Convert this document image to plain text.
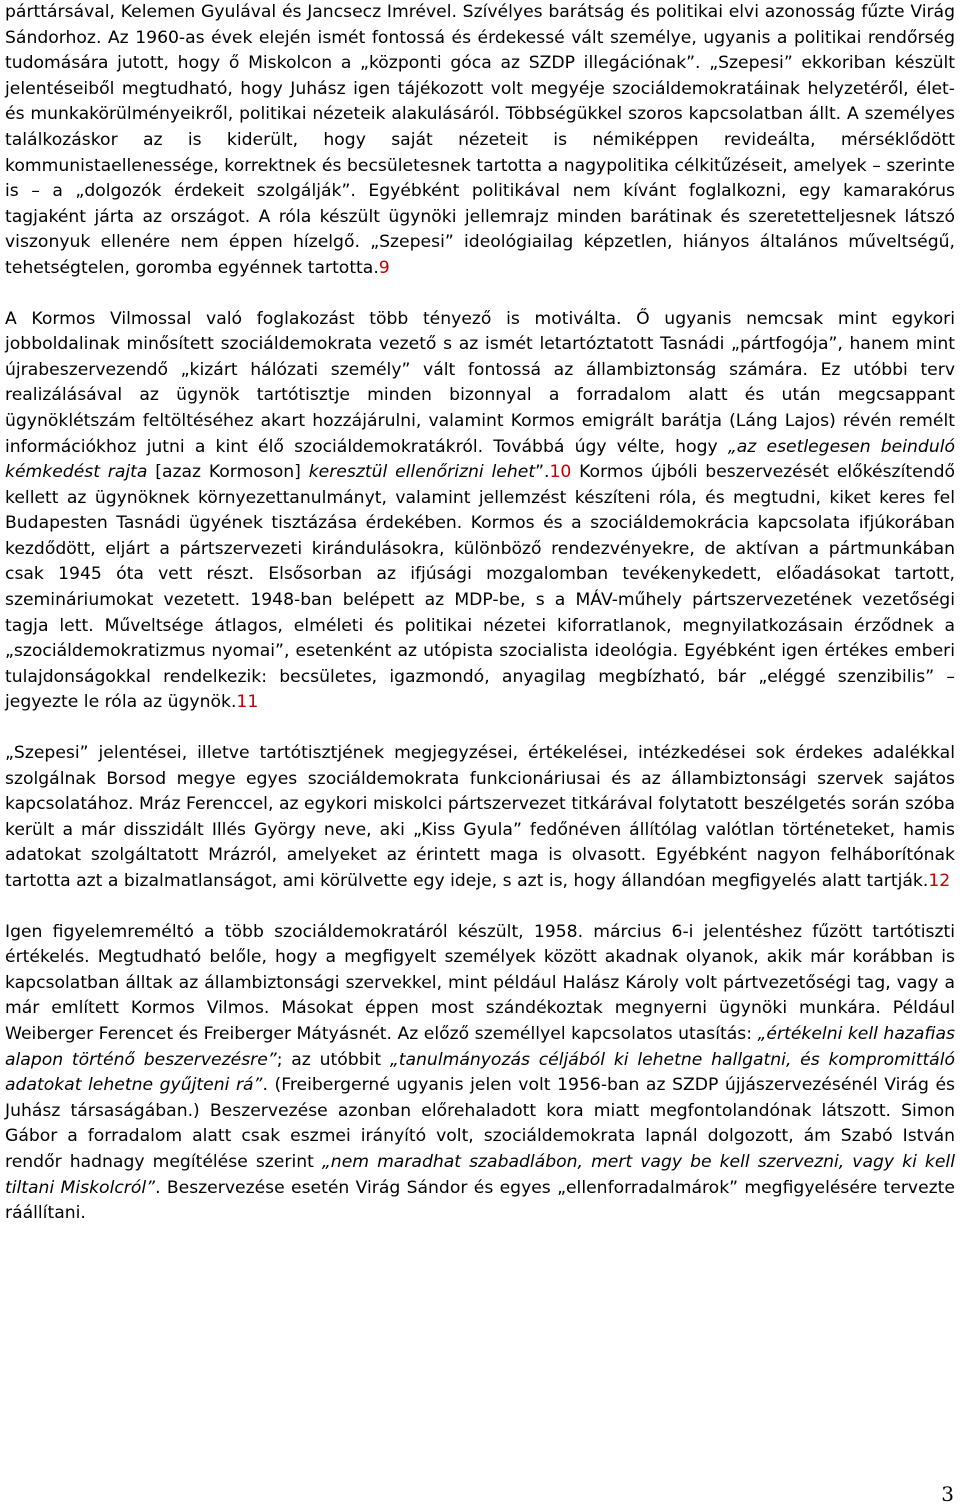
párttársával, Kelemen Gyulával és Jancsecz Imrével. Szívélyes barátság és politikai elvi azonosság fűzte Virág Sándorhoz. Az 1960-as évek elején ismét fontossá és érdekessé vált személye, ugyanis a politikai rendőrség tudomására jutott, hogy ő Miskolcon a „központi góca az SZDP illegációnak”. „Szepesi” ekkoriban készült jelentéseiből megtudható, hogy Juhász igen tájékozott volt megyéje szociáldemokratáinak helyzetéről, élet- és munkakörülményeikről, politikai nézeteik alakulásáról. Többségükkel szoros kapcsolatban állt. A személyes találkozáskor az is kiderült, hogy saját nézeteit is némiképpen revideálta, mérséklődött kommunistaellenessége, korrektnek és becsületesnek tartotta a nagypolitika célkitűzéseit, amelyek – szerinte is – a „dolgozók érdekeit szolgálják”. Egyébként politikával nem kívánt foglalkozni, egy kamarakórus tagjaként járta az országot. A róla készült ügynöki jellemrajz minden barátinak és szeretetteljesnek látszó viszonyuk ellenére nem éppen hízelgő. „Szepesi” ideológiailag képzetlen, hiányos általános műveltségű, tehetségtelen, goromba egyénnek tartotta.9

A Kormos Vilmossal való foglakozást több tényező is motiválta. Ő ugyanis nemcsak mint egykori jobboldalinak minősített szociáldemokrata vezető s az ismét letartóztatott Tasnádi „pártfogója”, hanem mint újrabeszervezendő „kizárt hálózati személy” vált fontossá az állambiztonság számára. Ez utóbbi terv realizálásával az ügynök tartótisztje minden bizonnyal a forradalom alatt és után megcsappant ügynöklétszám feltöltéséhez akart hozzájárulni, valamint Kormos emigrált barátja (Láng Lajos) révén remélt információkhoz jutni a kint élő szociáldemokratákról. Továbbá úgy vélte, hogy „az esetlegesen beinduló kémkedést rajta [azaz Kormoson] keresztül ellenőrizni lehet”.10 Kormos újbóli beszervezését előkészítendő kellett az ügynöknek környezettanulmányt, valamint jellemzést készíteni róla, és megtudni, kiket keres fel Budapesten Tasnádi ügyének tisztázása érdekében. Kormos és a szociáldemokrácia kapcsolata ifjúkorában kezdődött, eljárt a pártszervezeti kirándulásokra, különböző rendezvényekre, de aktívan a pártmunkában csak 1945 óta vett részt. Elsősorban az ifjúsági mozgalomban tevékenykedett, előadásokat tartott, szemináriumokat vezetett. 1948-ban belépett az MDP-be, s a MÁV-műhely pártszervezetének vezetőségi tagja lett. Műveltsége átlagos, elméleti és politikai nézetei kiforratlanok, megnyilatkozásain érződnek a „szociáldemokratizmus nyomai”, esetenként az utópista szocialista ideológia. Egyébként igen értékes emberi tulajdonságokkal rendelkezik: becsületes, igazmondó, anyagilag megbízható, bár „eléggé szenzibilis” – jegyezte le róla az ügynök.11

„Szepesi” jelentései, illetve tartótisztjének megjegyzései, értékelései, intézkedései sok érdekes adalékkal szolgálnak Borsod megye egyes szociáldemokrata funkcionáriusai és az állambiztonsági szervek sajátos kapcsolatához. Mráz Ferenccel, az egykori miskolci pártszervezet titkárával folytatott beszélgetés során szóba került a már disszidált Illés György neve, aki „Kiss Gyula” fedőnéven állítólag valótlan történeteket, hamis adatokat szolgáltatott Mrázról, amelyeket az érintett maga is olvasott. Egyébként nagyon felháborítónak tartotta azt a bizalmatlanságot, ami körülvette egy ideje, s azt is, hogy állandóan megfigyelés alatt tartják.12

Igen figyelemreméltó a több szociáldemokratáról készült, 1958. március 6-i jelentéshez fűzött tartótiszti értékelés. Megtudható belőle, hogy a megfigyelt személyek között akadnak olyanok, akik már korábban is kapcsolatban álltak az állambiztonsági szervekkel, mint például Halász Károly volt pártvezetőségi tag, vagy a már említett Kormos Vilmos. Másokat éppen most szándékoztak megnyerni ügynöki munkára. Például Weiberger Ferencet és Freiberger Mátyásnét. Az előző személlyel kapcsolatos utasítás: „értékelni kell hazafias alapon történő beszervezésre”; az utóbbit „tanulmányozás céljából ki lehetne hallgatni, és kompromittáló adatokat lehetne gyűjteni rá”. (Freibergerné ugyanis jelen volt 1956-ban az SZDP újjászervezésénél Virág és Juhász társaságában.) Beszervezése azonban előrehaladott kora miatt megfontolandónak látszott. Simon Gábor a forradalom alatt csak eszmei irányító volt, szociáldemokrata lapnál dolgozott, ám Szabó István rendőr hadnagy megítélése szerint „nem maradhat szabadlábon, mert vagy be kell szervezni, vagy ki kell tiltani Miskolcról”. Beszervezése esetén Virág Sándor és egyes „ellenforradalmárok” megfigyelésére tervezte ráállítani.

3
